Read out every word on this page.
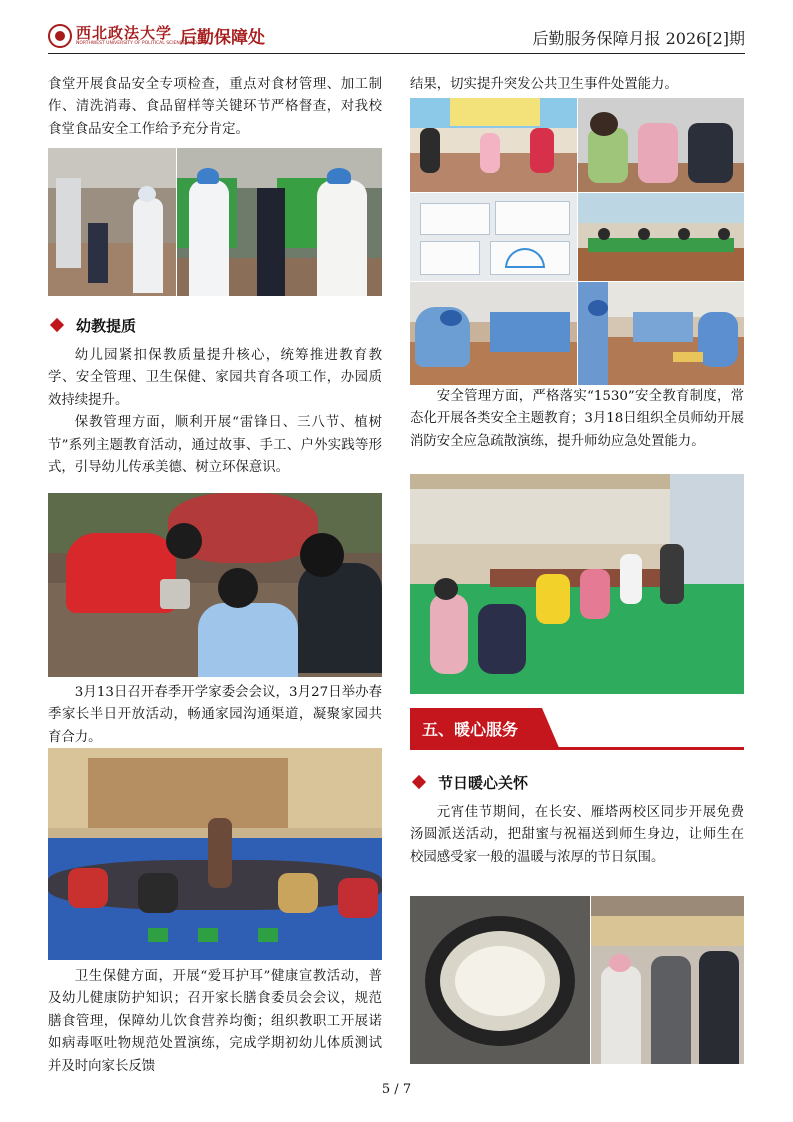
西北政法大学
NORTHWEST UNIVERSITY OF POLITICAL SCIENCE AND LAW
后勤保障处	后勤服务保障月报 2026[2]期

食堂开展食品安全专项检查，重点对食材管理、加工制作、清洗消毒、食品留样等关键环节严格督查，对我校食堂食品安全工作给予充分肯定。

幼教提质

幼儿园紧扣保教质量提升核心，统筹推进教育教学、安全管理、卫生保健、家园共育各项工作，办园质效持续提升。

保教管理方面，顺利开展“雷锋日、三八节、植树节”系列主题教育活动，通过故事、手工、户外实践等形式，引导幼儿传承美德、树立环保意识。

3月13日召开春季开学家委会会议，3月27日举办春季家长半日开放活动，畅通家园沟通渠道，凝聚家园共育合力。

卫生保健方面，开展“爱耳护耳”健康宣教活动，普及幼儿健康防护知识；召开家长膳食委员会会议，规范膳食管理，保障幼儿饮食营养均衡；组织教职工开展诺如病毒呕吐物规范处置演练，完成学期初幼儿体质测试并及时向家长反馈

结果，切实提升突发公共卫生事件处置能力。

安全管理方面，严格落实“1530”安全教育制度，常态化开展各类安全主题教育；3月18日组织全员师幼开展消防安全应急疏散演练，提升师幼应急处置能力。

五、暖心服务
节日暖心关怀

元宵佳节期间，在长安、雁塔两校区同步开展免费汤圆派送活动，把甜蜜与祝福送到师生身边，让师生在校园感受家一般的温暖与浓厚的节日氛围。

5 / 7
